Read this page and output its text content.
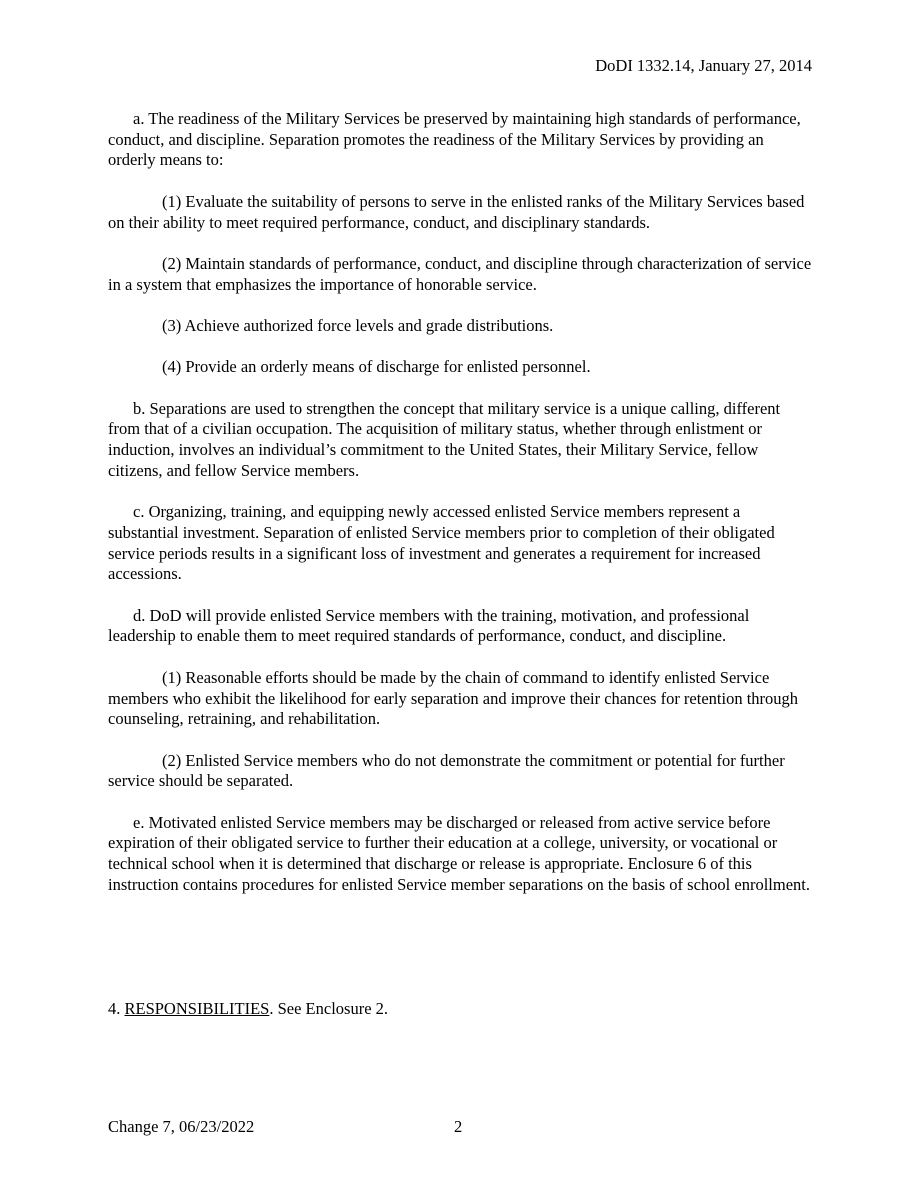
DoDI 1332.14, January 27, 2014

a. The readiness of the Military Services be preserved by maintaining high standards of performance, conduct, and discipline. Separation promotes the readiness of the Military Services by providing an orderly means to:

(1) Evaluate the suitability of persons to serve in the enlisted ranks of the Military Services based on their ability to meet required performance, conduct, and disciplinary standards.

(2) Maintain standards of performance, conduct, and discipline through characterization of service in a system that emphasizes the importance of honorable service.

(3) Achieve authorized force levels and grade distributions.

(4) Provide an orderly means of discharge for enlisted personnel.

b. Separations are used to strengthen the concept that military service is a unique calling, different from that of a civilian occupation. The acquisition of military status, whether through enlistment or induction, involves an individual’s commitment to the United States, their Military Service, fellow citizens, and fellow Service members.

c. Organizing, training, and equipping newly accessed enlisted Service members represent a substantial investment. Separation of enlisted Service members prior to completion of their obligated service periods results in a significant loss of investment and generates a requirement for increased accessions.

d. DoD will provide enlisted Service members with the training, motivation, and professional leadership to enable them to meet required standards of performance, conduct, and discipline.

(1) Reasonable efforts should be made by the chain of command to identify enlisted Service members who exhibit the likelihood for early separation and improve their chances for retention through counseling, retraining, and rehabilitation.

(2) Enlisted Service members who do not demonstrate the commitment or potential for further service should be separated.

e. Motivated enlisted Service members may be discharged or released from active service before expiration of their obligated service to further their education at a college, university, or vocational or technical school when it is determined that discharge or release is appropriate. Enclosure 6 of this instruction contains procedures for enlisted Service member separations on the basis of school enrollment.

4. RESPONSIBILITIES. See Enclosure 2.

Change 7, 06/23/2022	2
